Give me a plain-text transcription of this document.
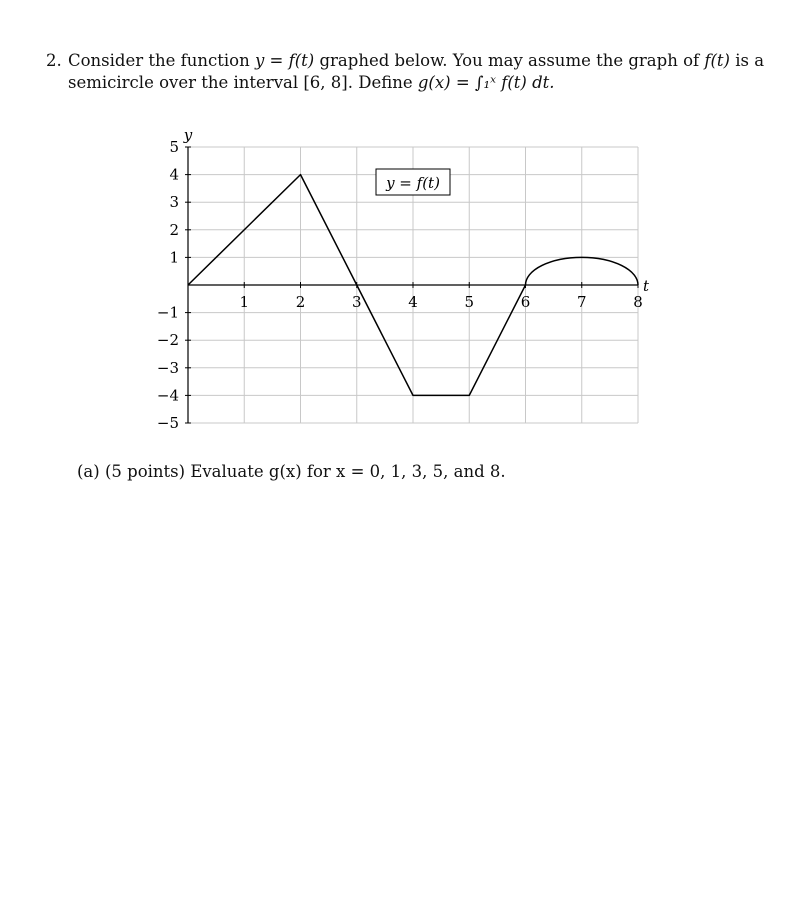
2. Consider the function y = f(t) graphed below. You may assume the graph of f(t) is a
semicircle over the interval [6, 8]. Define g(x) = ∫₁ˣ f(t) dt.
1	2	3	4	5	6	7	8
−5
−4
−3
−2
−1
1
2
3
4
5
y = f(t)
t
y
(a) (5 points) Evaluate g(x) for x = 0, 1, 3, 5, and 8.
